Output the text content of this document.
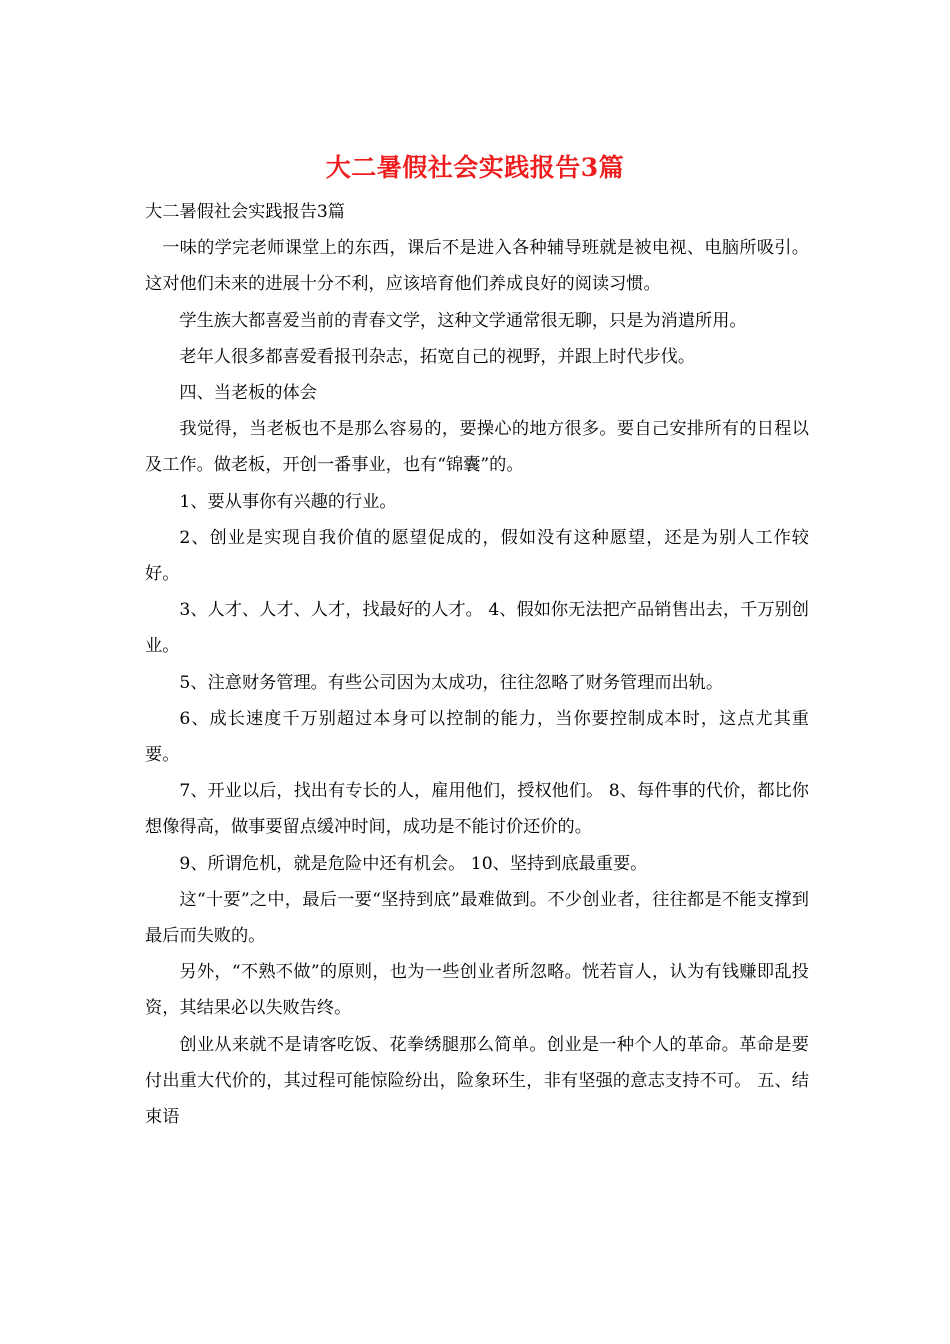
大二暑假社会实践报告3篇

大二暑假社会实践报告3篇

一味的学完老师课堂上的东西，课后不是进入各种辅导班就是被电视、电脑所吸引。这对他们未来的进展十分不利，应该培育他们养成良好的阅读习惯。

学生族大都喜爱当前的青春文学，这种文学通常很无聊，只是为消遣所用。

老年人很多都喜爱看报刊杂志，拓宽自己的视野，并跟上时代步伐。

四、当老板的体会

我觉得，当老板也不是那么容易的，要操心的地方很多。要自己安排所有的日程以及工作。做老板，开创一番事业，也有“锦囊”的。

1、要从事你有兴趣的行业。

2、创业是实现自我价值的愿望促成的，假如没有这种愿望，还是为别人工作较好。

3、人才、人才、人才，找最好的人才。 4、假如你无法把产品销售出去，千万别创业。

5、注意财务管理。有些公司因为太成功，往往忽略了财务管理而出轨。

6、成长速度千万别超过本身可以控制的能力，当你要控制成本时，这点尤其重要。

7、开业以后，找出有专长的人，雇用他们，授权他们。 8、每件事的代价，都比你想像得高，做事要留点缓冲时间，成功是不能讨价还价的。

9、所谓危机，就是危险中还有机会。 10、坚持到底最重要。

这“十要”之中，最后一要“坚持到底”最难做到。不少创业者，往往都是不能支撑到最后而失败的。

另外，“不熟不做”的原则，也为一些创业者所忽略。恍若盲人，认为有钱赚即乱投资，其结果必以失败告终。

创业从来就不是请客吃饭、花拳绣腿那么简单。创业是一种个人的革命。革命是要付出重大代价的，其过程可能惊险纷出，险象环生，非有坚强的意志支持不可。 五、结束语
